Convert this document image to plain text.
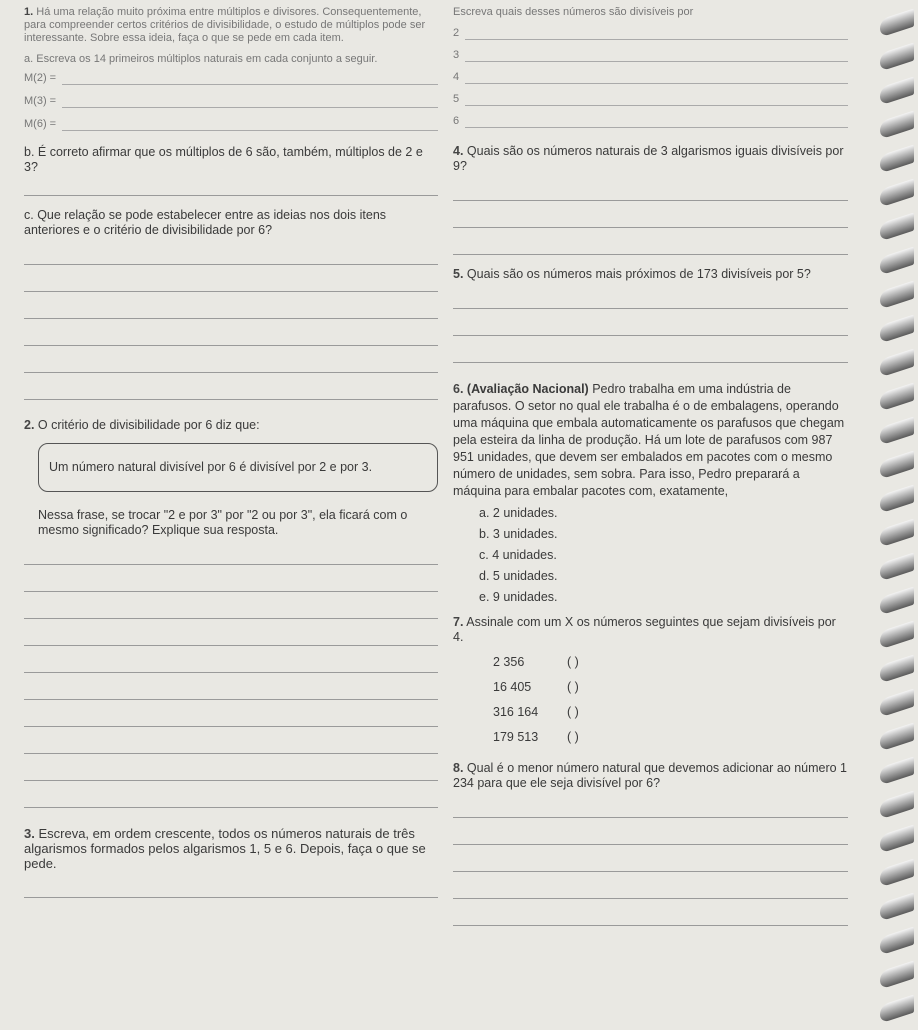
1. Há uma relação muito próxima entre múltiplos e divisores. Consequentemente, para compreender certos critérios de divisibilidade, o estudo de múltiplos pode ser interessante. Sobre essa ideia, faça o que se pede em cada item.

a. Escreva os 14 primeiros múltiplos naturais em cada conjunto a seguir.

M(2) =
M(3) =
M(6) =

b. É correto afirmar que os múltiplos de 6 são, também, múltiplos de 2 e 3?

c. Que relação se pode estabelecer entre as ideias nos dois itens anteriores e o critério de divisibilidade por 6?

2. O critério de divisibilidade por 6 diz que:

Um número natural divisível por 6 é divisível por 2 e por 3.

Nessa frase, se trocar "2 e por 3" por "2 ou por 3", ela ficará com o mesmo significado? Explique sua resposta.

3. Escreva, em ordem crescente, todos os números naturais de três algarismos formados pelos algarismos 1, 5 e 6. Depois, faça o que se pede.

Escreva quais desses números são divisíveis por

2
3
4
5
6

4. Quais são os números naturais de 3 algarismos iguais divisíveis por 9?

5. Quais são os números mais próximos de 173 divisíveis por 5?

6. (Avaliação Nacional) Pedro trabalha em uma indústria de parafusos. O setor no qual ele trabalha é o de embalagens, operando uma máquina que embala automaticamente os parafusos que chegam pela esteira da linha de produção. Há um lote de parafusos com 987 951 unidades, que devem ser embalados em pacotes com o mesmo número de unidades, sem sobra. Para isso, Pedro preparará a máquina para embalar pacotes com, exatamente,

a. 2 unidades.

b. 3 unidades.

c. 4 unidades.

d. 5 unidades.

e. 9 unidades.

7. Assinale com um X os números seguintes que sejam divisíveis por 4.

2 356	( )
16 405	( )
316 164	( )
179 513	( )

8. Qual é o menor número natural que devemos adicionar ao número 1 234 para que ele seja divisível por 6?
